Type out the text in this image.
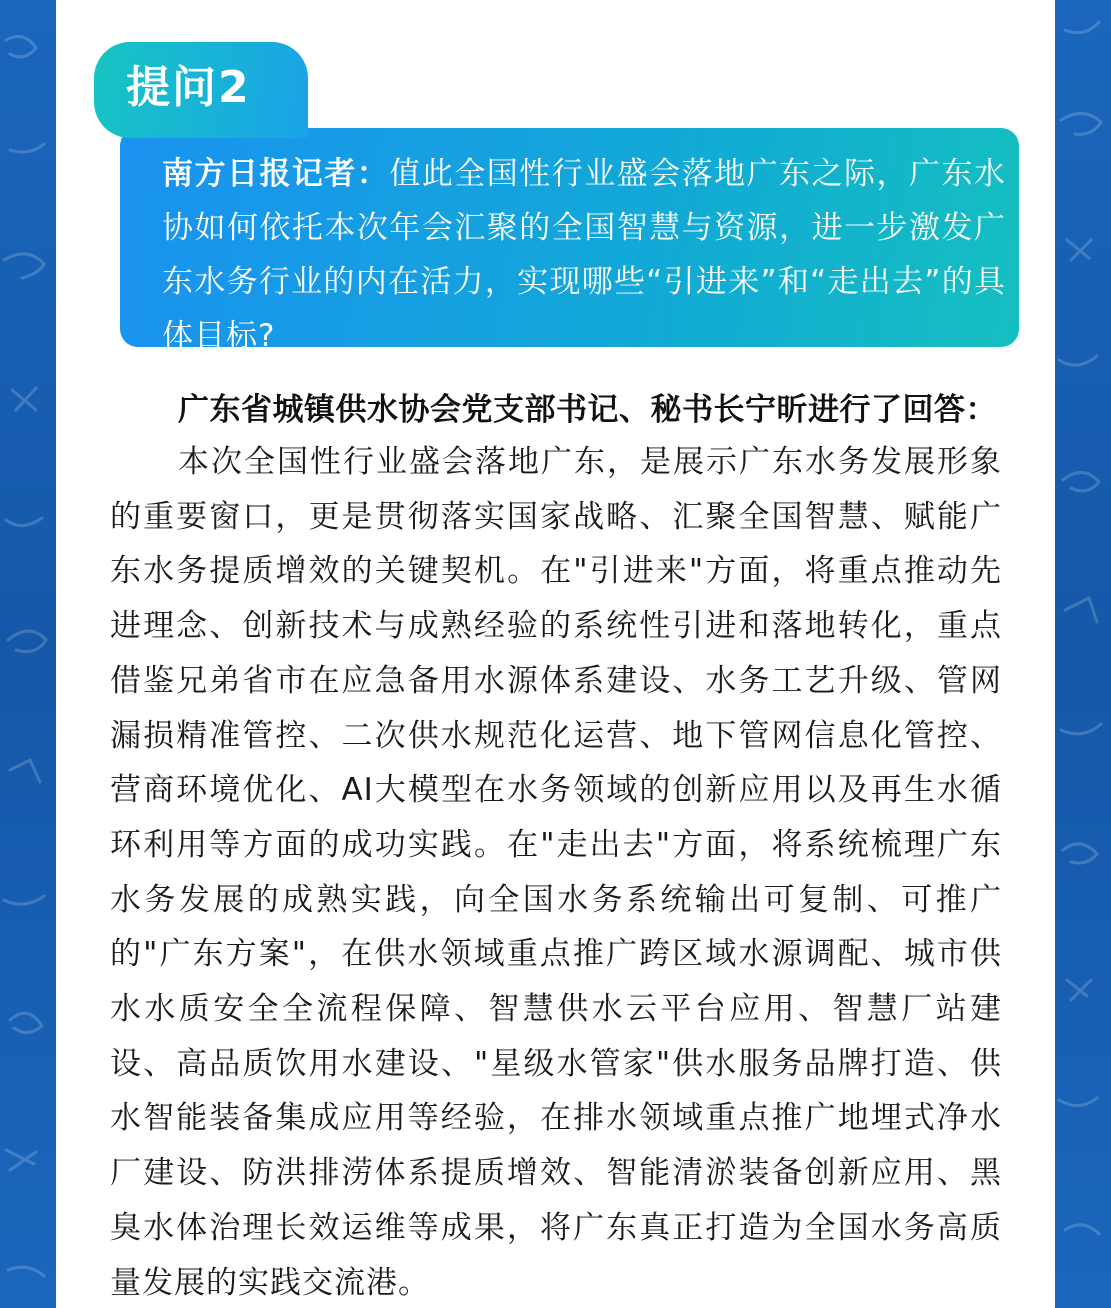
提问2
南方日报记者：值此全国性行业盛会落地广东之际，广东水协如何依托本次年会汇聚的全国智慧与资源，进一步激发广东水务行业的内在活力，实现哪些“引进来”和“走出去”的具体目标?
广东省城镇供水协会党支部书记、秘书长宁昕进行了回答：
本次全国性行业盛会落地广东，是展示广东水务发展形象的重要窗口，更是贯彻落实国家战略、汇聚全国智慧、赋能广东水务提质增效的关键契机。在"引进来"方面，将重点推动先进理念、创新技术与成熟经验的系统性引进和落地转化，重点借鉴兄弟省市在应急备用水源体系建设、水务工艺升级、管网漏损精准管控、二次供水规范化运营、地下管网信息化管控、营商环境优化、AI大模型在水务领域的创新应用以及再生水循环利用等方面的成功实践。在"走出去"方面，将系统梳理广东水务发展的成熟实践，向全国水务系统输出可复制、可推广的"广东方案"，在供水领域重点推广跨区域水源调配、城市供水水质安全全流程保障、智慧供水云平台应用、智慧厂站建设、高品质饮用水建设、"星级水管家"供水服务品牌打造、供水智能装备集成应用等经验，在排水领域重点推广地埋式净水厂建设、防洪排涝体系提质增效、智能清淤装备创新应用、黑臭水体治理长效运维等成果，将广东真正打造为全国水务高质量发展的实践交流港。
